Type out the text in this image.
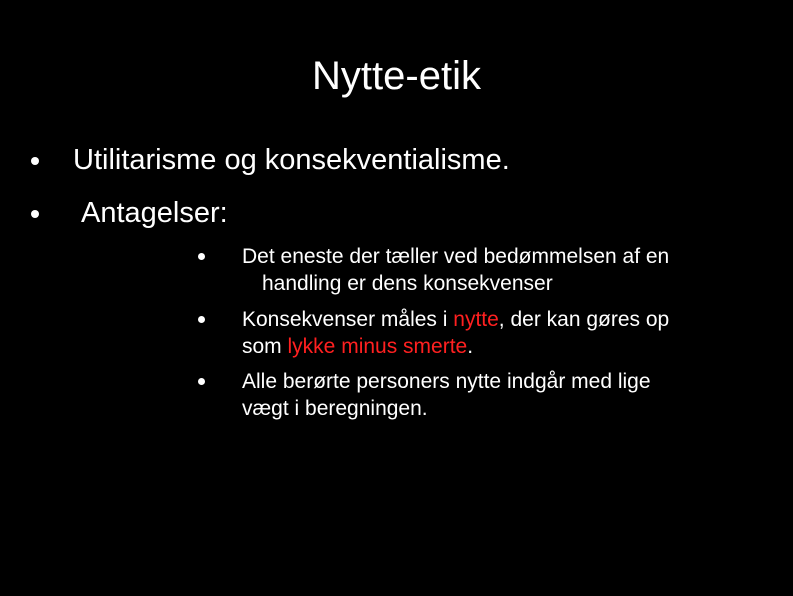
Nytte-etik
Utilitarisme og konsekventialisme.
Antagelser:
Det eneste der tæller ved bedømmelsen af en
handling er dens konsekvenser
Konsekvenser måles i nytte, der kan gøres op
som lykke minus smerte.
Alle berørte personers nytte indgår med lige
vægt i beregningen.
